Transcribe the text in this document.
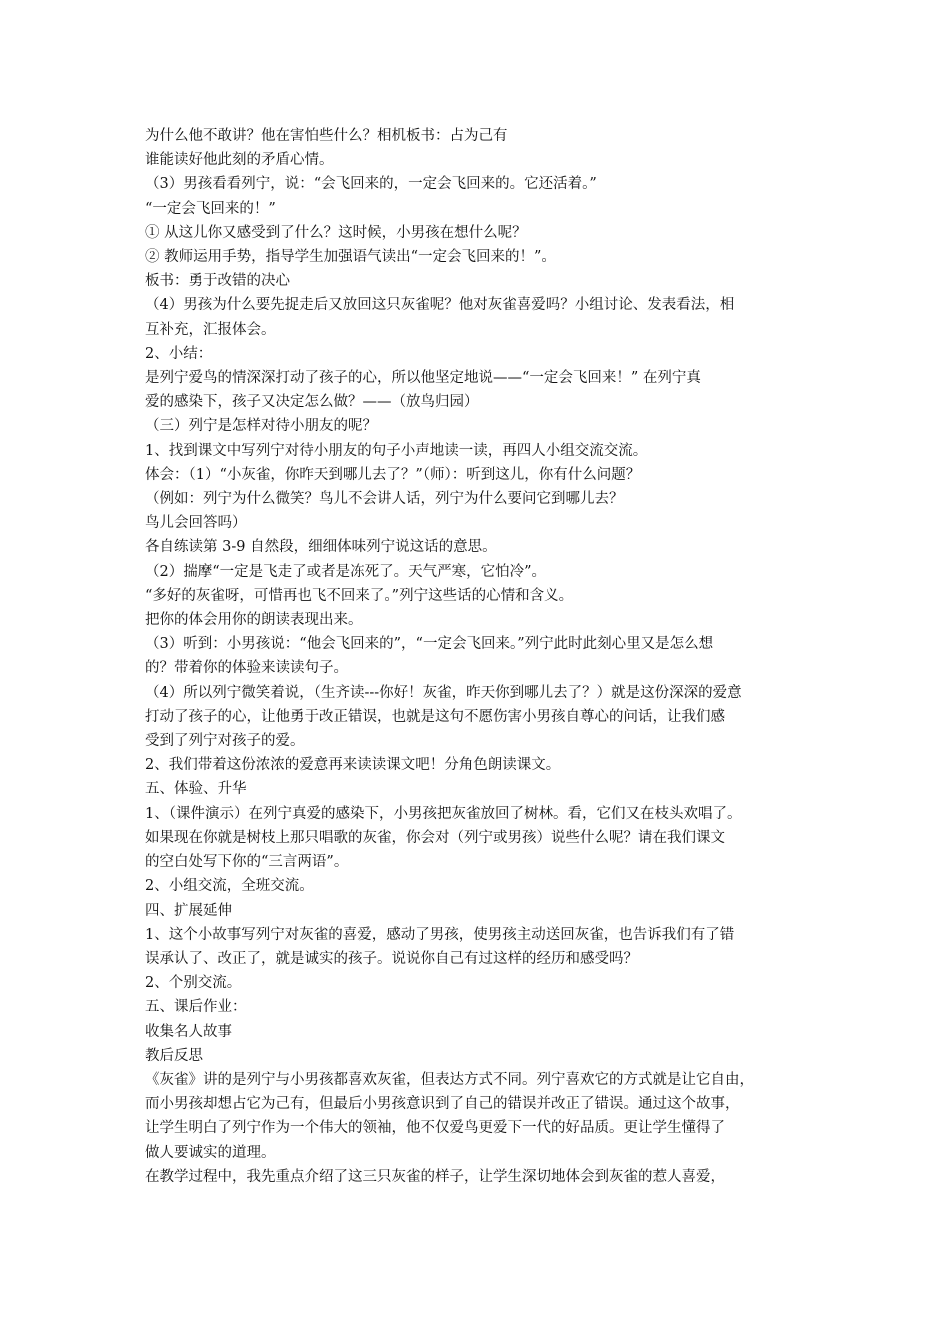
为什么他不敢讲？他在害怕些什么？相机板书：占为己有
谁能读好他此刻的矛盾心情。
（3）男孩看看列宁，说：“会飞回来的，一定会飞回来的。它还活着。”
“一定会飞回来的！”
① 从这儿你又感受到了什么？这时候，小男孩在想什么呢？
② 教师运用手势，指导学生加强语气读出“一定会飞回来的！”。
板书：勇于改错的决心
（4）男孩为什么要先捉走后又放回这只灰雀呢？他对灰雀喜爱吗？小组讨论、发表看法，相
互补充，汇报体会。
2、小结：
是列宁爱鸟的情深深打动了孩子的心，所以他坚定地说——“一定会飞回来！” 在列宁真
爱的感染下，孩子又决定怎么做？——（放鸟归园）
（三）列宁是怎样对待小朋友的呢？
1、找到课文中写列宁对待小朋友的句子小声地读一读，再四人小组交流交流。
体会：（1）“小灰雀，你昨天到哪儿去了？”（师）：听到这儿，你有什么问题？
（例如：列宁为什么微笑？鸟儿不会讲人话，列宁为什么要问它到哪儿去？
鸟儿会回答吗）
各自练读第 3-9 自然段，细细体味列宁说这话的意思。
（2）揣摩“一定是飞走了或者是冻死了。天气严寒，它怕冷”。
“多好的灰雀呀，可惜再也飞不回来了。”列宁这些话的心情和含义。
把你的体会用你的朗读表现出来。
（3）听到：小男孩说：“他会飞回来的”，“一定会飞回来。”列宁此时此刻心里又是怎么想
的？带着你的体验来读读句子。
（4）所以列宁微笑着说，（生齐读---你好！灰雀，昨天你到哪儿去了？）就是这份深深的爱意
打动了孩子的心，让他勇于改正错误，也就是这句不愿伤害小男孩自尊心的问话，让我们感
受到了列宁对孩子的爱。
2、我们带着这份浓浓的爱意再来读读课文吧！分角色朗读课文。
五、体验、升华
1、（课件演示）在列宁真爱的感染下，小男孩把灰雀放回了树林。看，它们又在枝头欢唱了。
如果现在你就是树枝上那只唱歌的灰雀，你会对（列宁或男孩）说些什么呢？请在我们课文
的空白处写下你的“三言两语”。
2、小组交流，全班交流。
四、扩展延伸
1、这个小故事写列宁对灰雀的喜爱，感动了男孩，使男孩主动送回灰雀，也告诉我们有了错
误承认了、改正了，就是诚实的孩子。说说你自己有过这样的经历和感受吗？
2、个别交流。
五、课后作业：
收集名人故事
教后反思
《灰雀》讲的是列宁与小男孩都喜欢灰雀，但表达方式不同。列宁喜欢它的方式就是让它自由，
而小男孩却想占它为己有，但最后小男孩意识到了自己的错误并改正了错误。通过这个故事，
让学生明白了列宁作为一个伟大的领袖，他不仅爱鸟更爱下一代的好品质。更让学生懂得了
做人要诚实的道理。
在教学过程中，我先重点介绍了这三只灰雀的样子，让学生深切地体会到灰雀的惹人喜爱，
